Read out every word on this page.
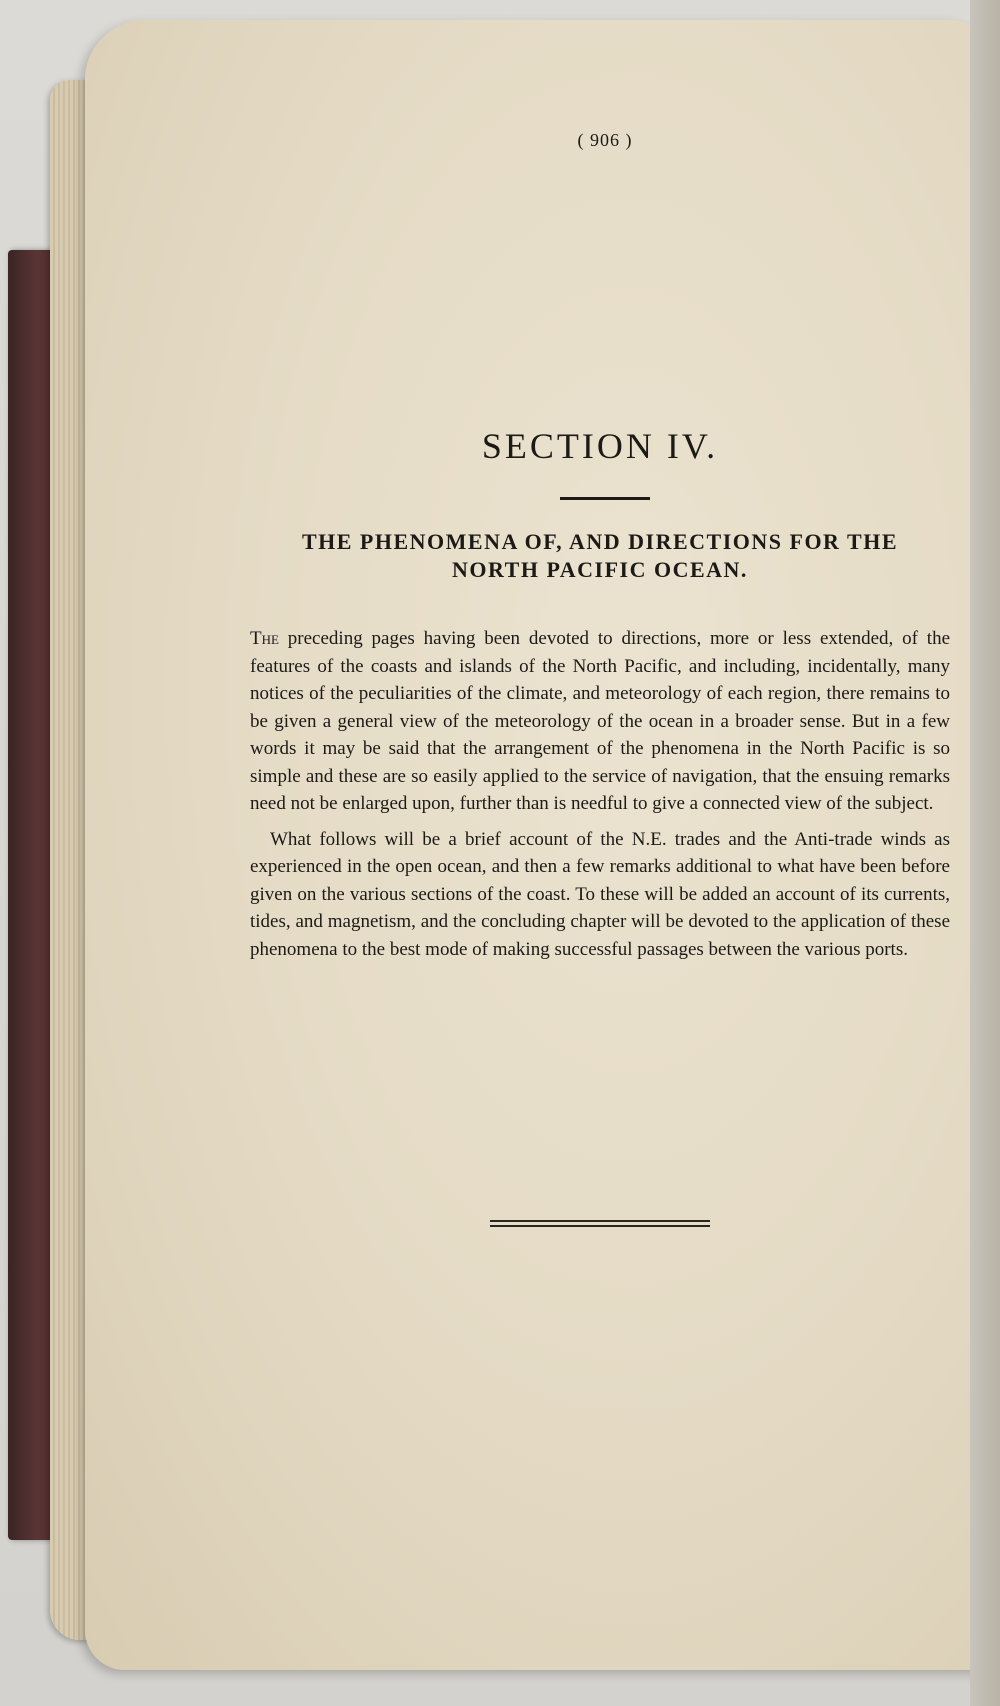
( 906 )
SECTION IV.
THE PHENOMENA OF, AND DIRECTIONS FOR THE
NORTH PACIFIC OCEAN.

The preceding pages having been devoted to directions, more or less extended, of the features of the coasts and islands of the North Pacific, and including, incidentally, many notices of the peculiarities of the climate, and meteorology of each region, there remains to be given a general view of the meteorology of the ocean in a broader sense. But in a few words it may be said that the arrangement of the phenomena in the North Pacific is so simple and these are so easily applied to the service of navigation, that the ensuing remarks need not be enlarged upon, further than is needful to give a connected view of the subject.

What follows will be a brief account of the N.E. trades and the Anti-trade winds as experienced in the open ocean, and then a few remarks additional to what have been before given on the various sections of the coast. To these will be added an account of its currents, tides, and magnetism, and the concluding chapter will be devoted to the application of these phenomena to the best mode of making successful passages between the various ports.
